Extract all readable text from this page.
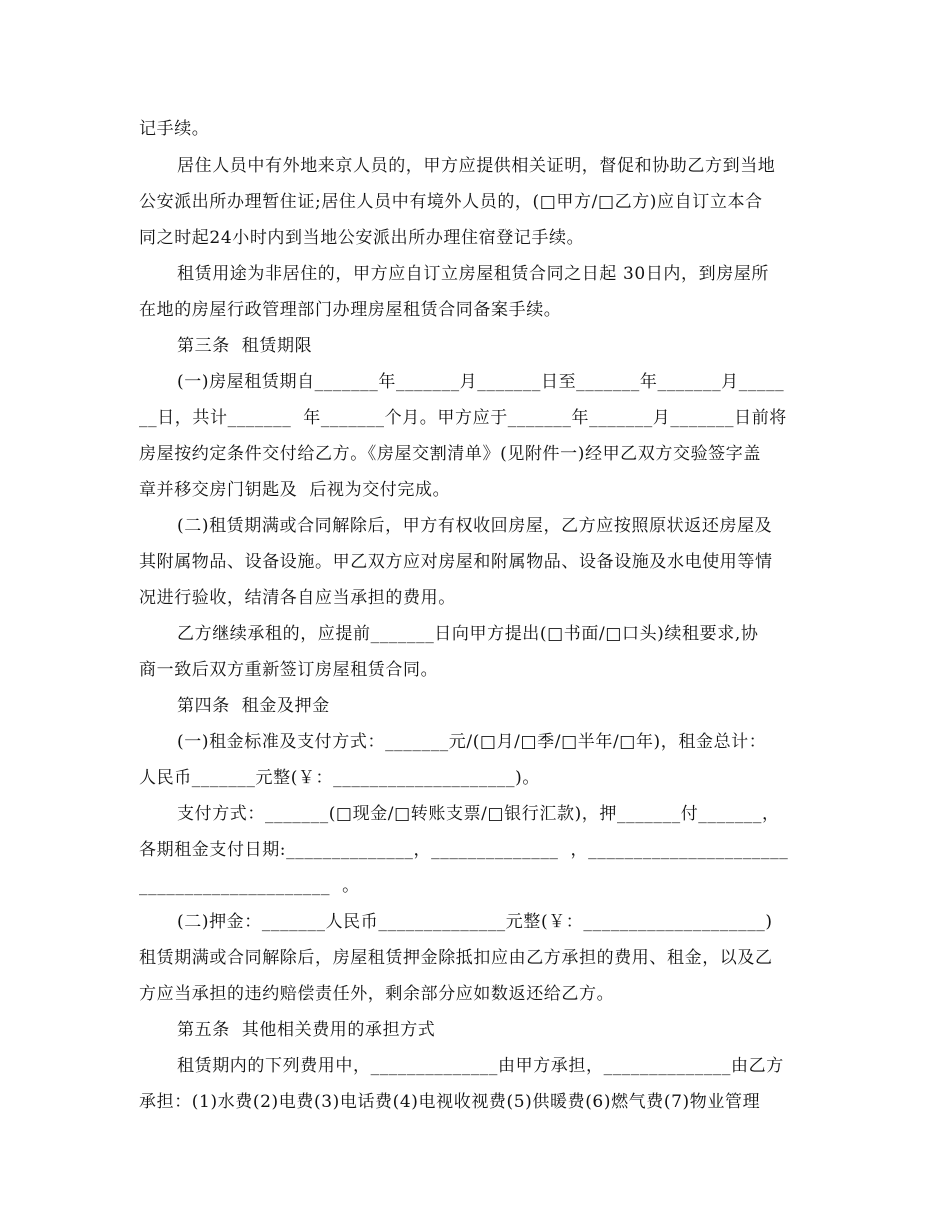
记手续。
居住人员中有外地来京人员的，甲方应提供相关证明，督促和协助乙方到当地
公安派出所办理暂住证;居住人员中有境外人员的，(□甲方/□乙方)应自订立本合
同之时起24小时内到当地公安派出所办理住宿登记手续。
租赁用途为非居住的，甲方应自订立房屋租赁合同之日起 30日内，到房屋所
在地的房屋行政管理部门办理房屋租赁合同备案手续。
第三条  租赁期限
(一)房屋租赁期自_______年_______月_______日至_______年_______月_____
__日，共计_______  年_______个月。甲方应于_______年_______月_______日前将
房屋按约定条件交付给乙方。《房屋交割清单》(见附件一)经甲乙双方交验签字盖
章并移交房门钥匙及  后视为交付完成。
(二)租赁期满或合同解除后，甲方有权收回房屋，乙方应按照原状返还房屋及
其附属物品、设备设施。甲乙双方应对房屋和附属物品、设备设施及水电使用等情
况进行验收，结清各自应当承担的费用。
乙方继续承租的，应提前_______日向甲方提出(□书面/□口头)续租要求,协
商一致后双方重新签订房屋租赁合同。
第四条  租金及押金
(一)租金标准及支付方式：_______元/(□月/□季/□半年/□年)，租金总计：
人民币_______元整(￥：____________________)。
支付方式：_______(□现金/□转账支票/□银行汇款)，押_______付_______，
各期租金支付日期:______________，______________  ，______________________
_____________________  。
(二)押金：_______人民币______________元整(￥：____________________)
租赁期满或合同解除后，房屋租赁押金除抵扣应由乙方承担的费用、租金，以及乙
方应当承担的违约赔偿责任外，剩余部分应如数返还给乙方。
第五条  其他相关费用的承担方式
租赁期内的下列费用中，______________由甲方承担，______________由乙方
承担：(1)水费(2)电费(3)电话费(4)电视收视费(5)供暖费(6)燃气费(7)物业管理
